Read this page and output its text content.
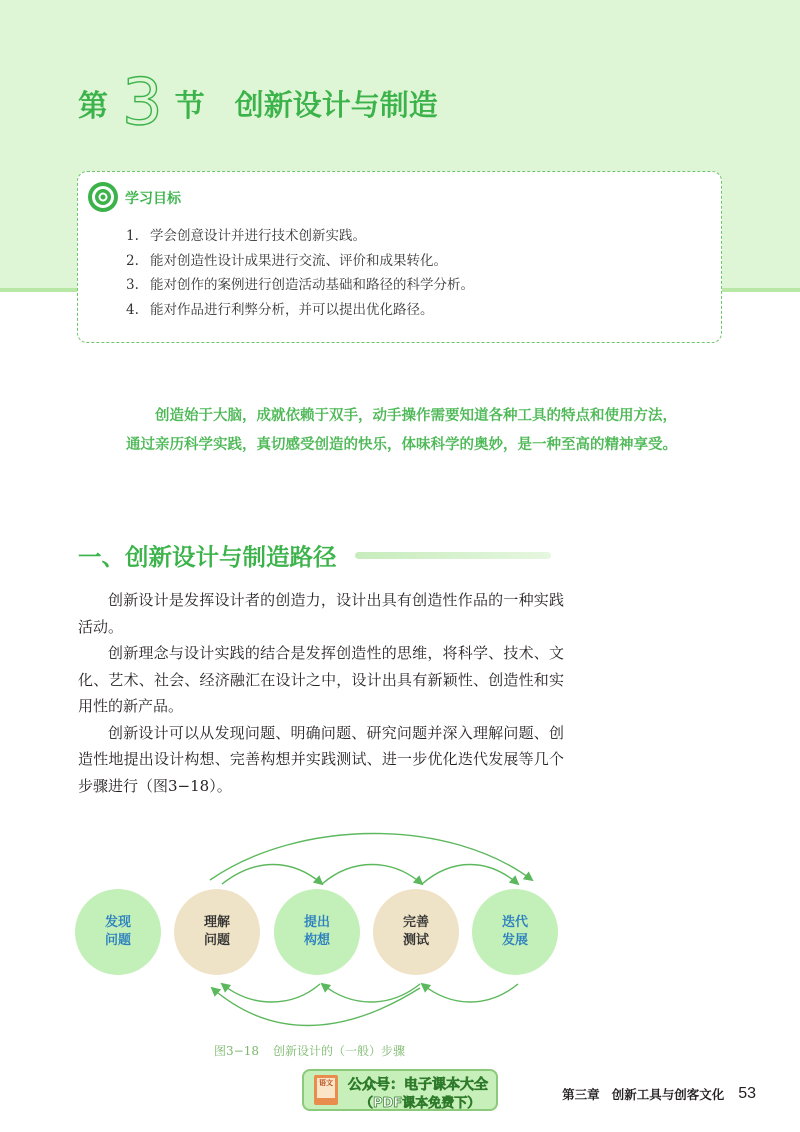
第 3 节 创新设计与制造
学习目标
1. 学会创意设计并进行技术创新实践。
2. 能对创造性设计成果进行交流、评价和成果转化。
3. 能对创作的案例进行创造活动基础和路径的科学分析。
4. 能对作品进行利弊分析，并可以提出优化路径。

创造始于大脑，成就依赖于双手，动手操作需要知道各种工具的特点和使用方法，通过亲历科学实践，真切感受创造的快乐，体味科学的奥妙，是一种至高的精神享受。

一、创新设计与制造路径

创新设计是发挥设计者的创造力，设计出具有创造性作品的一种实践活动。

创新理念与设计实践的结合是发挥创造性的思维，将科学、技术、文化、艺术、社会、经济融汇在设计之中，设计出具有新颖性、创造性和实用性的新产品。

创新设计可以从发现问题、明确问题、研究问题并深入理解问题、创造性地提出设计构想、完善构想并实践测试、进一步优化迭代发展等几个步骤进行（图3−18）。

发现
问题
理解
问题
提出
构想
完善
测试
迭代
发展
图3−18 创新设计的（一般）步骤
语文 公众号：电子课本大全
（PDF课本免费下）
第三章 创新工具与创客文化 53
